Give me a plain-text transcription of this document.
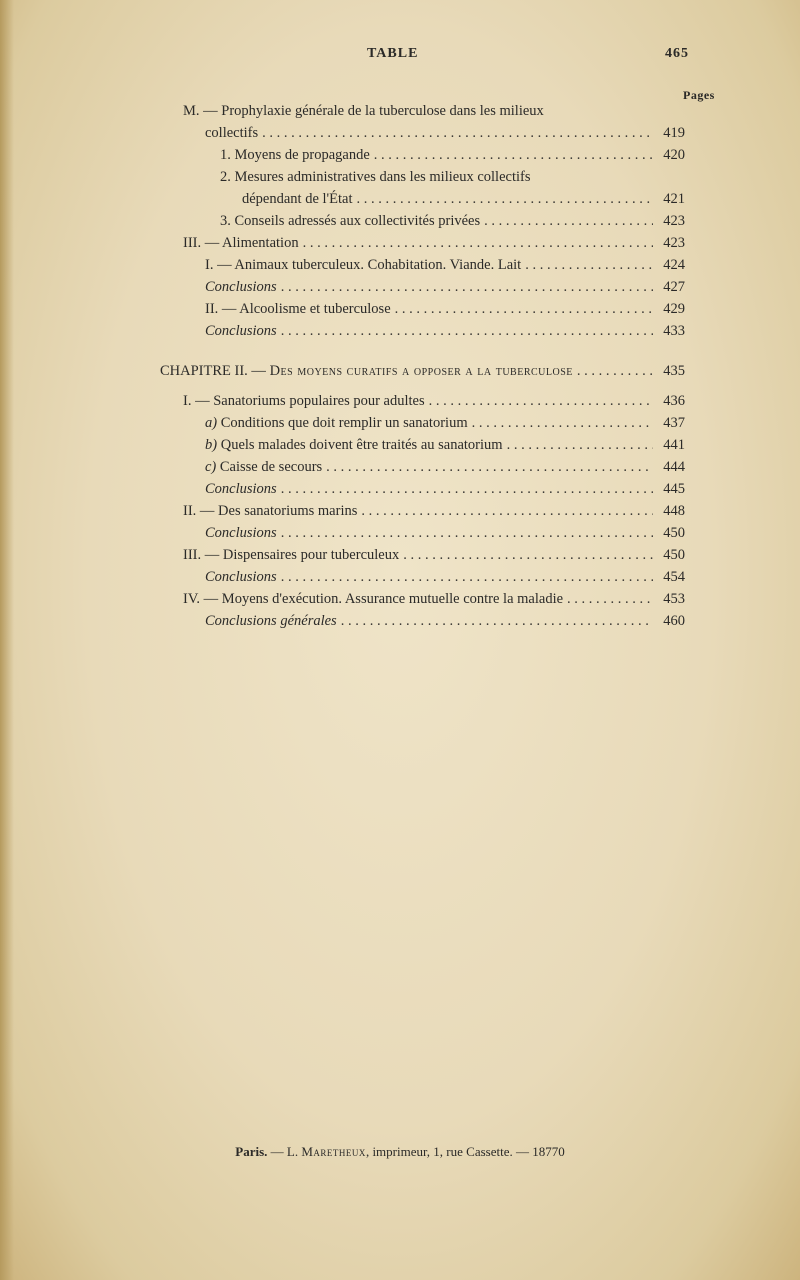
TABLE	465
Pages
M. — Prophylaxie générale de la tuberculose dans les milieux
collectifs . . .	419
1. Moyens de propagande . . .	420
2. Mesures administratives dans les milieux collectifs
dépendant de l'État . . .	421
3. Conseils adressés aux collectivités privées . . .	423
III. — Alimentation . . .	423
I. — Animaux tuberculeux. Cohabitation. Viande. Lait . . .	424
Conclusions . . .	427
II. — Alcoolisme et tuberculose . . .	429
Conclusions . . .	433
CHAPITRE II. — Des moyens curatifs a opposer a la tuberculose . . .	435
I. — Sanatoriums populaires pour adultes . . .	436
a) Conditions que doit remplir un sanatorium . . .	437
b) Quels malades doivent être traités au sanatorium . . .	441
c) Caisse de secours . . .	444
Conclusions . . .	445
II. — Des sanatoriums marins . . .	448
Conclusions . . .	450
III. — Dispensaires pour tuberculeux . . .	450
Conclusions . . .	454
IV. — Moyens d'exécution. Assurance mutuelle contre la maladie . . .	453
Conclusions générales . . .	460
Paris. — L. Maretheux, imprimeur, 1, rue Cassette. — 18770
